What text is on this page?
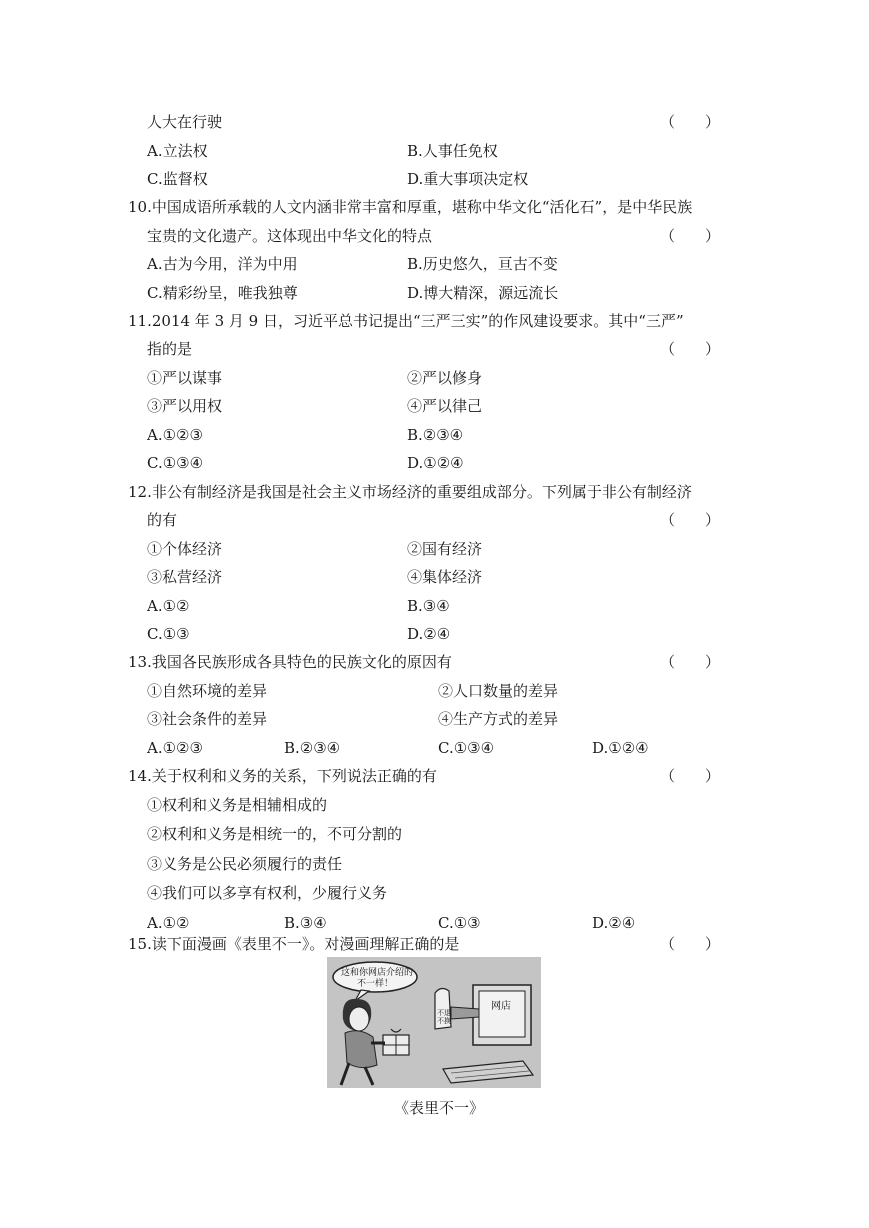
人大在行驶	（　　）
A.立法权	B.人事任免权
C.监督权	D.重大事项决定权
10.中国成语所承载的人文内涵非常丰富和厚重，堪称中华文化“活化石”，是中华民族
宝贵的文化遗产。这体现出中华文化的特点	（　　）
A.古为今用，洋为中用	B.历史悠久，亘古不变
C.精彩纷呈，唯我独尊	D.博大精深，源远流长
11.2014 年 3 月 9 日，习近平总书记提出“三严三实”的作风建设要求。其中“三严”
指的是	（　　）
①严以谋事	②严以修身
③严以用权	④严以律己
A.①②③	B.②③④
C.①③④	D.①②④
12.非公有制经济是我国是社会主义市场经济的重要组成部分。下列属于非公有制经济
的有	（　　）
①个体经济	②国有经济
③私营经济	④集体经济
A.①②	B.③④
C.①③	D.②④
13.我国各民族形成各具特色的民族文化的原因有	（　　）
①自然环境的差异	②人口数量的差异
③社会条件的差异	④生产方式的差异
A.①②③	B.②③④	C.①③④	D.①②④
14.关于权利和义务的关系，下列说法正确的有	（　　）
①权利和义务是相辅相成的
②权利和义务是相统一的，不可分割的
③义务是公民必须履行的责任
④我们可以多享有权利，少履行义务
A.①②	B.③④	C.①③	D.②④
15.读下面漫画《表里不一》。对漫画理解正确的是	（　　）
这和你网店介绍的
不一样！
网店
不退
不换
《表里不一》
